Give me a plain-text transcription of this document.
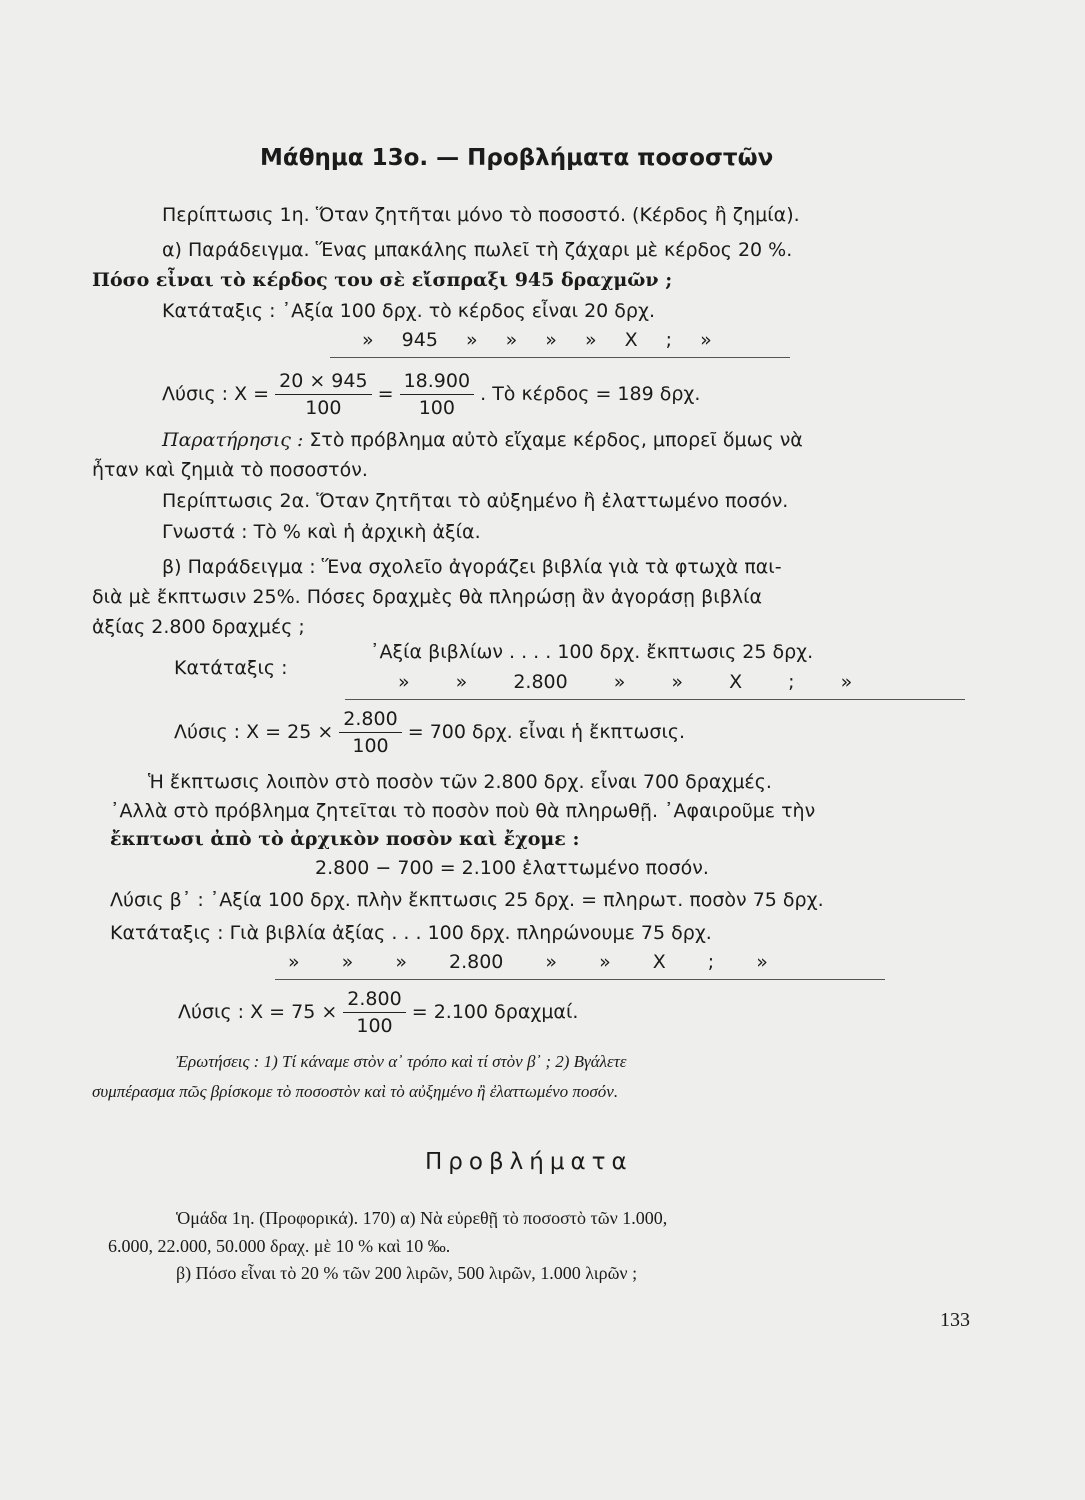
Μάθημα 13ο. — Προβλήματα ποσοστῶν
Περίπτωσις 1η. Ὅταν ζητῆται μόνο τὸ ποσοστό. (Κέρδος ἢ ζημία).
α) Παράδειγμα. Ἕνας μπακάλης πωλεῖ τὴ ζάχαρι μὲ κέρδος 20 %.
Πόσο εἶναι τὸ κέρδος του σὲ εἴσπραξι 945 δραχμῶν ;
Κατάταξις : ᾿Αξία 100 δρχ. τὸ κέρδος εἶναι 20 δρχ.
» 945 » » » » X ; »
Λύσις : $X = \frac{20 \times 945}{100} = \frac{18.900}{100}$ . Τὸ κέρδος = 189 δρχ.
Παρατήρησις : Στὸ πρόβλημα αὐτὸ εἴχαμε κέρδος, μπορεῖ ὅμως νὰ
ἦταν καὶ ζημιὰ τὸ ποσοστόν.
Περίπτωσις 2α. Ὅταν ζητῆται τὸ αὐξημένο ἢ ἐλαττωμένο ποσόν.
Γνωστά : Τὸ % καὶ ἡ ἀρχικὴ ἀξία.
β) Παράδειγμα : Ἕνα σχολεῖο ἀγοράζει βιβλία γιὰ τὰ φτωχὰ παι-
διὰ μὲ ἔκπτωσιν 25%. Πόσες δραχμὲς θὰ πληρώσῃ ἂν ἀγοράσῃ βιβλία
ἀξίας 2.800 δραχμές ;
Κατάταξις :
᾿Αξία βιβλίων . . . . 100 δρχ. ἔκπτωσις 25 δρχ.
» » 2.800 » » X ; »
Λύσις : $X = 25 \times \frac{2.800}{100} = 700$ δρχ. εἶναι ἡ ἔκπτωσις.
Ἡ ἔκπτωσις λοιπὸν στὸ ποσὸν τῶν 2.800 δρχ. εἶναι 700 δραχμές.
᾿Αλλὰ στὸ πρόβλημα ζητεῖται τὸ ποσὸν ποὺ θὰ πληρωθῇ. ᾿Αφαιροῦμε τὴν
ἔκπτωσι ἀπὸ τὸ ἀρχικὸν ποσὸν καὶ ἔχομε :
2.800 − 700 = 2.100 ἐλαττωμένο ποσόν.
Λύσις β᾿ : ᾿Αξία 100 δρχ. πλὴν ἔκπτωσις 25 δρχ. = πληρωτ. ποσὸν 75 δρχ.
Κατάταξις : Γιὰ βιβλία ἀξίας . . . 100 δρχ. πληρώνουμε 75 δρχ.
» » » 2.800 » » X ; »
Λύσις : $X = 75 \times \frac{2.800}{100} = 2.100$ δραχμαί.
Ἐρωτήσεις : 1) Τί κάναμε στὸν α᾿ τρόπο καὶ τί στὸν β᾿ ; 2) Βγάλετε
συμπέρασμα πῶς βρίσκομε τὸ ποσοστὸν καὶ τὸ αὐξημένο ἢ ἐλαττωμένο ποσόν.
Προβλήματα
Ὁμάδα 1η. (Προφορικά). 170) α) Νὰ εὑρεθῇ τὸ ποσοστὸ τῶν 1.000,
6.000, 22.000, 50.000 δραχ. μὲ 10 % καὶ 10 ‰.
β) Πόσο εἶναι τὸ 20 % τῶν 200 λιρῶν, 500 λιρῶν, 1.000 λιρῶν ;
133
